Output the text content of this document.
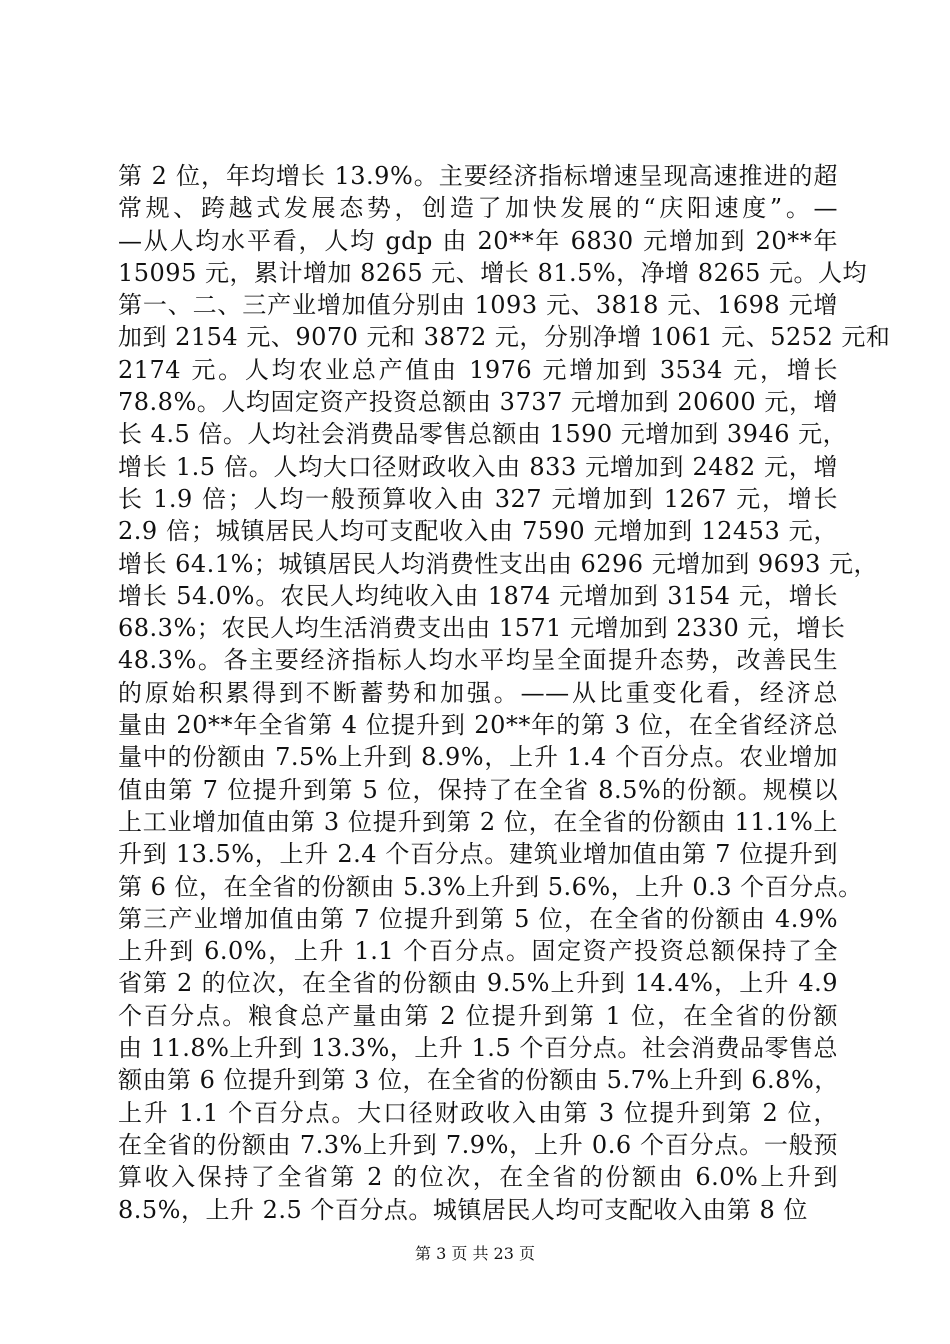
第 2 位，年均增长 13.9%。主要经济指标增速呈现高速推进的超
常规、跨越式发展态势，创造了加快发展的“庆阳速度”。—
—从人均水平看，人均 gdp 由 20**年 6830 元增加到 20**年
15095 元，累计增加 8265 元、增长 81.5%，净增 8265 元。人均
第一、二、三产业增加值分别由 1093 元、3818 元、1698 元增
加到 2154 元、9070 元和 3872 元，分别净增 1061 元、5252 元和
2174 元。人均农业总产值由 1976 元增加到 3534 元，增长
78.8%。人均固定资产投资总额由 3737 元增加到 20600 元，增
长 4.5 倍。人均社会消费品零售总额由 1590 元增加到 3946 元，
增长 1.5 倍。人均大口径财政收入由 833 元增加到 2482 元，增
长 1.9 倍；人均一般预算收入由 327 元增加到 1267 元，增长
2.9 倍；城镇居民人均可支配收入由 7590 元增加到 12453 元，
增长 64.1%；城镇居民人均消费性支出由 6296 元增加到 9693 元，
增长 54.0%。农民人均纯收入由 1874 元增加到 3154 元，增长
68.3%；农民人均生活消费支出由 1571 元增加到 2330 元，增长
48.3%。各主要经济指标人均水平均呈全面提升态势，改善民生
的原始积累得到不断蓄势和加强。——从比重变化看，经济总
量由 20**年全省第 4 位提升到 20**年的第 3 位，在全省经济总
量中的份额由 7.5%上升到 8.9%，上升 1.4 个百分点。农业增加
值由第 7 位提升到第 5 位，保持了在全省 8.5%的份额。规模以
上工业增加值由第 3 位提升到第 2 位，在全省的份额由 11.1%上
升到 13.5%，上升 2.4 个百分点。建筑业增加值由第 7 位提升到
第 6 位，在全省的份额由 5.3%上升到 5.6%，上升 0.3 个百分点。
第三产业增加值由第 7 位提升到第 5 位，在全省的份额由 4.9%
上升到 6.0%，上升 1.1 个百分点。固定资产投资总额保持了全
省第 2 的位次，在全省的份额由 9.5%上升到 14.4%，上升 4.9
个百分点。粮食总产量由第 2 位提升到第 1 位，在全省的份额
由 11.8%上升到 13.3%，上升 1.5 个百分点。社会消费品零售总
额由第 6 位提升到第 3 位，在全省的份额由 5.7%上升到 6.8%，
上升 1.1 个百分点。大口径财政收入由第 3 位提升到第 2 位，
在全省的份额由 7.3%上升到 7.9%，上升 0.6 个百分点。一般预
算收入保持了全省第 2 的位次，在全省的份额由 6.0%上升到
8.5%，上升 2.5 个百分点。城镇居民人均可支配收入由第 8 位
第 3 页 共 23 页
